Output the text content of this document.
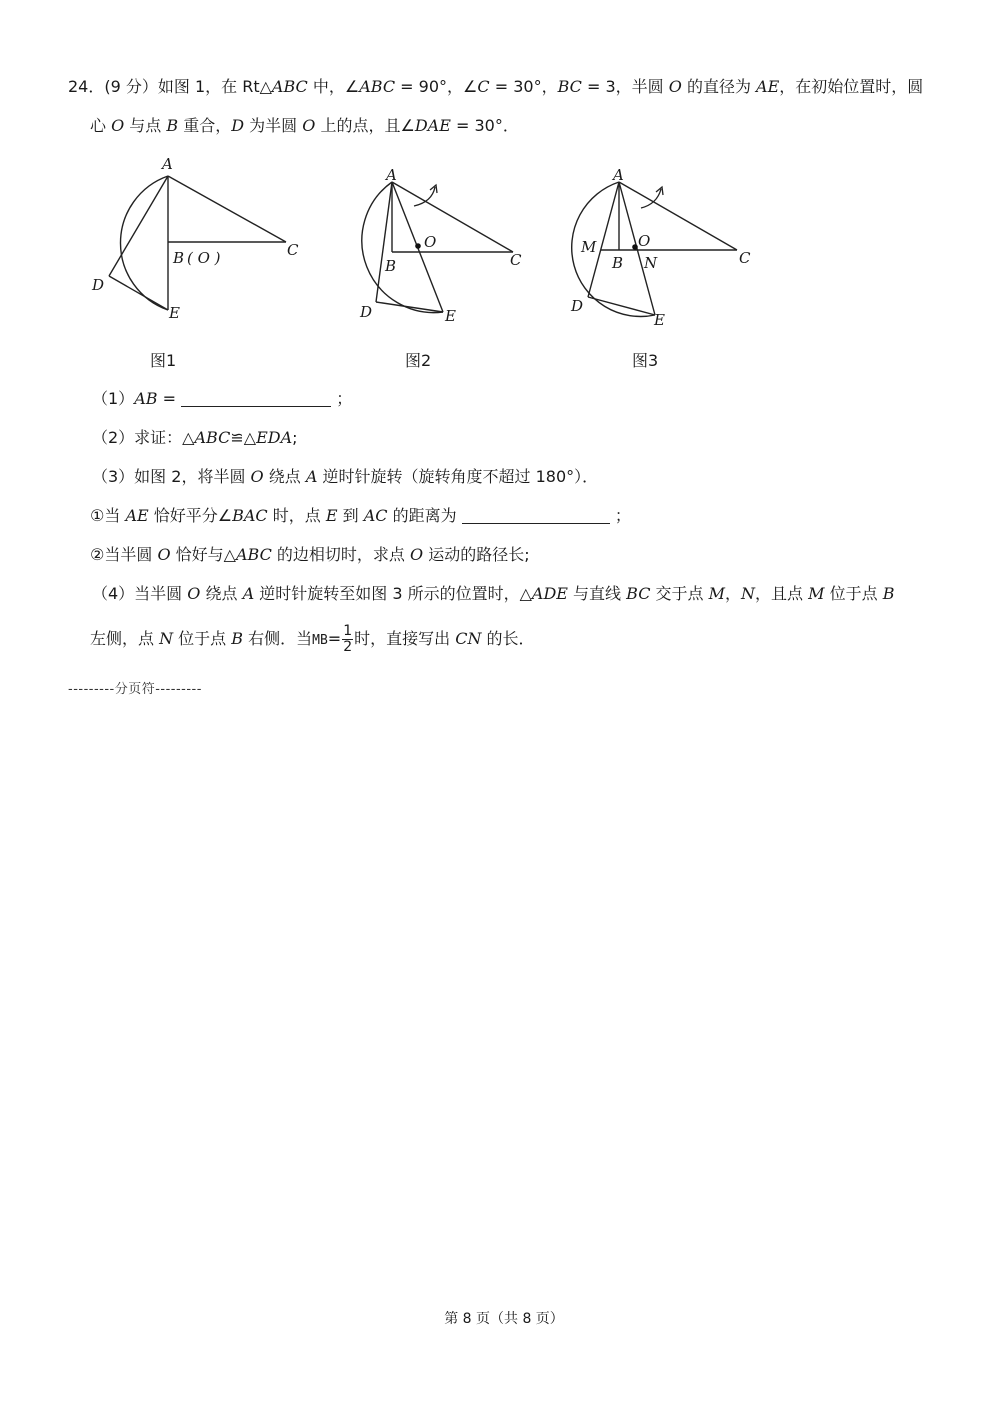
24．(9 分）如图 1，在 Rt△ABC 中，∠ABC = 90°，∠C = 30°，BC = 3，半圆 O 的直径为 AE，在初始位置时，圆
心 O 与点 B 重合，D 为半圆 O 上的点，且∠DAE = 30°．
A
B ( O )	C
D
E
图1
A
O
B	C
D	E
图2
A
M	O
B N	C
D
E
图3
（1）AB =	；
（2）求证：△ABC≌△EDA;
（3）如图 2，将半圆 O 绕点 A 逆时针旋转（旋转角度不超过 180°）．
①当 AE 恰好平分∠BAC 时，点 E 到 AC 的距离为	；
②当半圆 O 恰好与△ABC 的边相切时，求点 O 运动的路径长;
（4）当半圆 O 绕点 A 逆时针旋转至如图 3 所示的位置时，△ADE 与直线 BC 交于点 M，N，且点 M 位于点 B
左侧，点 N 位于点 B 右侧．当$MB= \frac{1}{2}$ 时，直接写出 CN 的长．
---------分页符---------
第 8 页（共 8 页）
